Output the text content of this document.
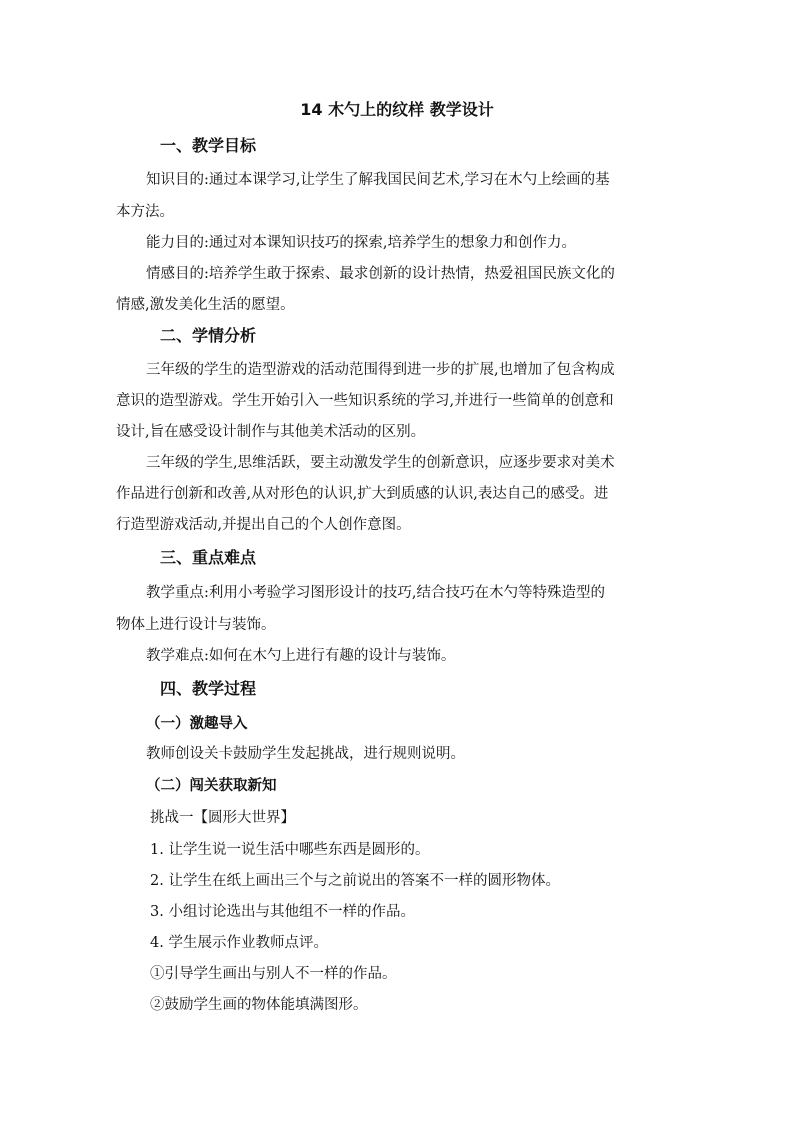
14 木勺上的纹样 教学设计
一、教学目标
知识目的:通过本课学习,让学生了解我国民间艺术,学习在木勺上绘画的基
本方法。
能力目的:通过对本课知识技巧的探索,培养学生的想象力和创作力。
情感目的:培养学生敢于探索、最求创新的设计热情，热爱祖国民族文化的
情感,激发美化生活的愿望。
二、学情分析
三年级的学生的造型游戏的活动范围得到进一步的扩展,也增加了包含构成
意识的造型游戏。学生开始引入一些知识系统的学习,并进行一些简单的创意和
设计,旨在感受设计制作与其他美术活动的区别。
三年级的学生,思维活跃，要主动激发学生的创新意识，应逐步要求对美术
作品进行创新和改善,从对形色的认识,扩大到质感的认识,表达自己的感受。进
行造型游戏活动,并提出自己的个人创作意图。
三、重点难点
教学重点:利用小考验学习图形设计的技巧,结合技巧在木勺等特殊造型的
物体上进行设计与装饰。
教学难点:如何在木勺上进行有趣的设计与装饰。
四、教学过程
（一）激趣导入
教师创设关卡鼓励学生发起挑战，进行规则说明。
（二）闯关获取新知
挑战一【圆形大世界】
1. 让学生说一说生活中哪些东西是圆形的。
2. 让学生在纸上画出三个与之前说出的答案不一样的圆形物体。
3. 小组讨论选出与其他组不一样的作品。
4. 学生展示作业教师点评。
①引导学生画出与别人不一样的作品。
②鼓励学生画的物体能填满图形。
